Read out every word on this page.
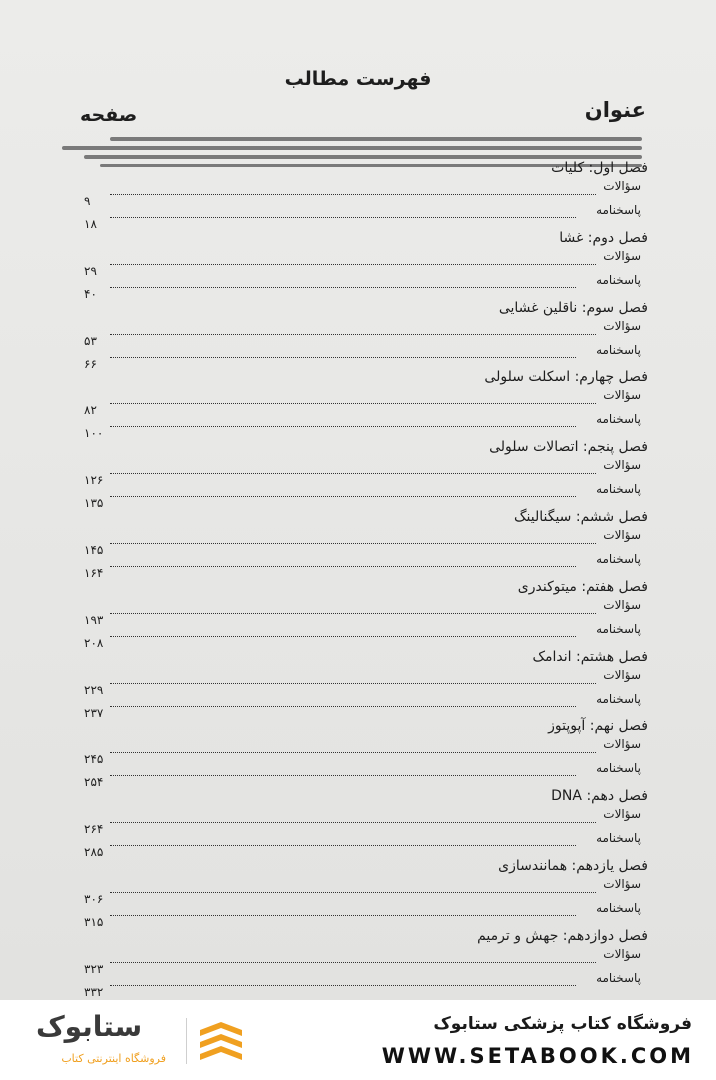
فهرست مطالب
عنوان
صفحه
فصل اول: کلیات
سؤالات
۹
پاسخنامه
۱۸
فصل دوم: غشا
سؤالات
۲۹
پاسخنامه
۴۰
فصل سوم: ناقلین غشایی
سؤالات
۵۳
پاسخنامه
۶۶
فصل چهارم: اسکلت سلولی
سؤالات
۸۲
پاسخنامه
۱۰۰
فصل پنجم: اتصالات سلولی
سؤالات
۱۲۶
پاسخنامه
۱۳۵
فصل ششم: سیگنالینگ
سؤالات
۱۴۵
پاسخنامه
۱۶۴
فصل هفتم: میتوکندری
سؤالات
۱۹۳
پاسخنامه
۲۰۸
فصل هشتم: اندامک
سؤالات
۲۲۹
پاسخنامه
۲۳۷
فصل نهم: آپوپتوز
سؤالات
۲۴۵
پاسخنامه
۲۵۴
فصل دهم: DNA
سؤالات
۲۶۴
پاسخنامه
۲۸۵
فصل یازدهم: همانندسازی
سؤالات
۳۰۶
پاسخنامه
۳۱۵
فصل دوازدهم: جهش و ترمیم
سؤالات
۳۲۳
پاسخنامه
۳۳۲
ستابوک
فروشگاه اینترنتی کتاب
فروشگاه کتاب پزشکی ستابوک
WWW.SETABOOK.COM
